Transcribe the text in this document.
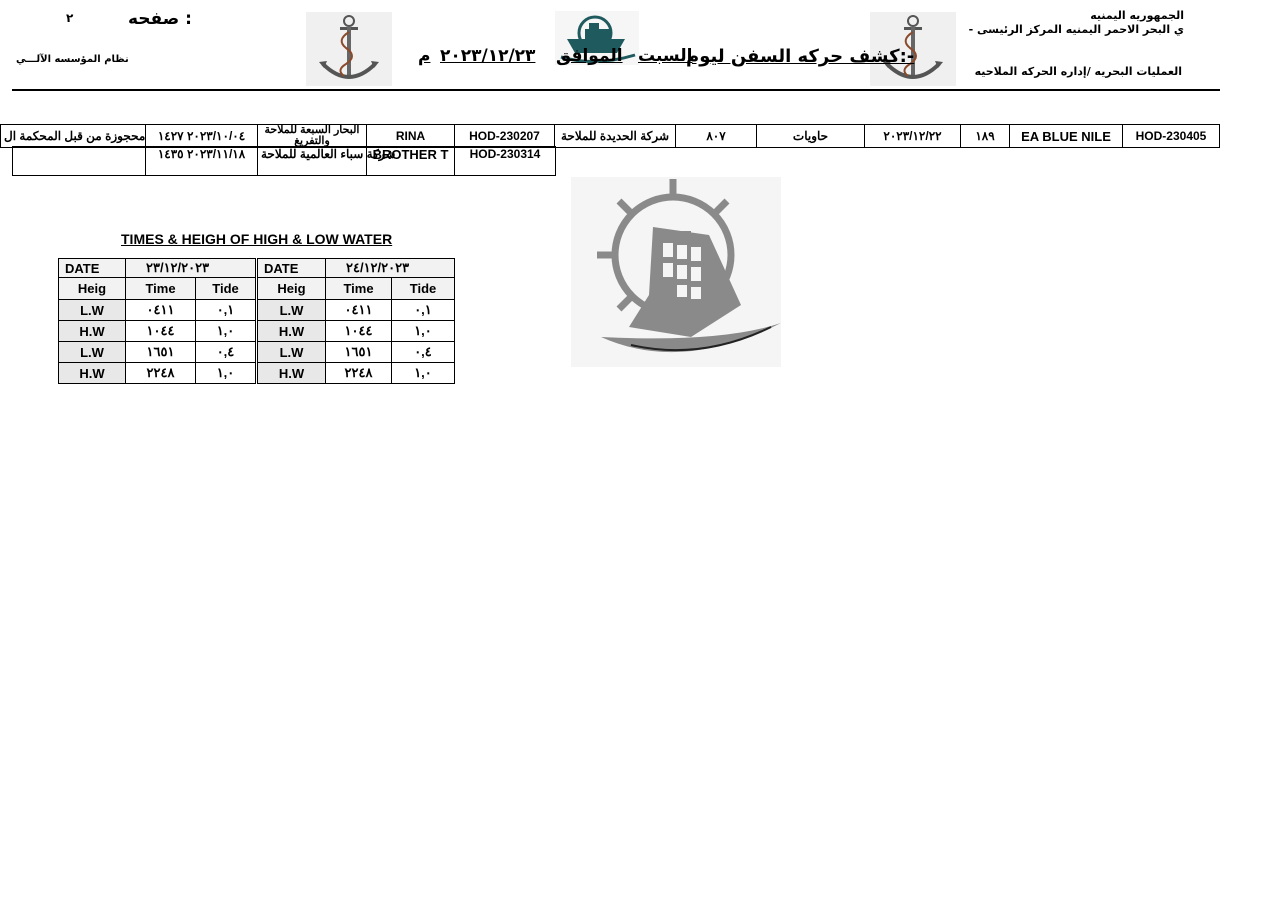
صفحه :
٢
نظام المؤسسه الآلـــي
الجمهوريه اليمنيه
ي البحر الاحمر اليمنيه المركز الرئيسى -
العمليات البحريه /إداره الحركه الملاحيه
كشف حركه السفن ليوم:-
السبت
الموافق
٢٠٢٣/١٢/٢٣
م
محجوزة من قبل المحكمة ال	٢٠٢٣/١٠/٠٤ ١٤٢٧	البحار السبعة للملاحة والتفريغ	RINA	HOD-230207	شركة الحديدة للملاحة	٨٠٧	حاويات	٢٠٢٣/١٢/٢٢	١٨٩	EA BLUE NILE	HOD-230405
	٢٠٢٣/١١/١٨ ١٤٣٥	شركة سباء العالمية للملاحة	BROTHER T	HOD-230314
TIMES & HEIGH OF HIGH & LOW WATER
DATE	٢٣/١٢/٢٠٢٣	
Heig	Time	Tide
L.W	٠٤١١	٠,١
H.W	١٠٤٤	١,٠
L.W	١٦٥١	٠,٤
H.W	٢٢٤٨	١,٠
DATE	٢٤/١٢/٢٠٢٣	
Heig	Time	Tide
L.W	٠٤١١	٠,١
H.W	١٠٤٤	١,٠
L.W	١٦٥١	٠,٤
H.W	٢٢٤٨	١,٠
